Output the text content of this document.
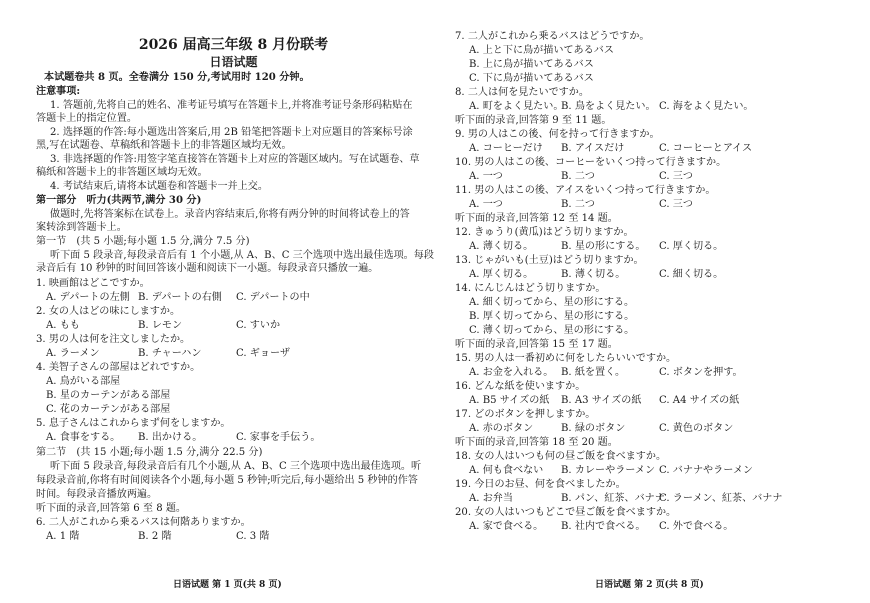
2026 届高三年级 8 月份联考
日语试题
本试题卷共 8 页。全卷满分 150 分,考试用时 120 分钟。
注意事项:
1. 答题前,先将自己的姓名、准考证号填写在答题卡上,并将准考证号条形码粘贴在
答题卡上的指定位置。
2. 选择题的作答:每小题选出答案后,用 2B 铅笔把答题卡上对应题目的答案标号涂
黑,写在试题卷、草稿纸和答题卡上的非答题区域均无效。
3. 非选择题的作答:用签字笔直接答在答题卡上对应的答题区域内。写在试题卷、草
稿纸和答题卡上的非答题区域均无效。
4. 考试结束后,请将本试题卷和答题卡一并上交。
第一部分　听力(共两节,满分 30 分)
做题时,先将答案标在试卷上。录音内容结束后,你将有两分钟的时间将试卷上的答
案转涂到答题卡上。
第一节　(共 5 小题;每小题 1.5 分,满分 7.5 分)
听下面 5 段录音,每段录音后有 1 个小题,从 A、B、C 三个选项中选出最佳选项。每段
录音后有 10 秒钟的时间回答该小题和阅读下一小题。每段录音只播放一遍。
1. 映画館はどこですか。
A. デパートの左側 B. デパートの右側 C. デパートの中
2. 女の人はどの味にしますか。
A. もも	B. レモン	C. すいか
3. 男の人は何を注文しましたか。
A. ラーメン	B. チャーハン	C. ギョーザ
4. 美智子さんの部屋はどれですか。
A. 鳥がいる部屋
B. 星のカーテンがある部屋
C. 花のカーテンがある部屋
5. 息子さんはこれからまず何をしますか。
A. 食事をする。 B. 出かける。	C. 家事を手伝う。
第二节　(共 15 小题;每小题 1.5 分,满分 22.5 分)
听下面 5 段录音,每段录音后有几个小题,从 A、B、C 三个选项中选出最佳选项。听
每段录音前,你将有时间阅读各个小题,每小题 5 秒钟;听完后,每小题给出 5 秒钟的作答
时间。每段录音播放两遍。
听下面的录音,回答第 6 至 8 题。
6. 二人がこれから乗るバスは何階ありますか。
A. 1 階	B. 2 階	C. 3 階
日语试题 第 1 页(共 8 页)
7. 二人がこれから乗るバスはどうですか。
A. 上と下に鳥が描いてあるバス
B. 上に鳥が描いてあるバス
C. 下に鳥が描いてあるバス
8. 二人は何を見たいですか。
A. 町をよく見たい。
B. 鳥をよく見たい。 C. 海をよく見たい。
听下面的录音,回答第 9 至 11 题。
9. 男の人はこの後、何を持って行きますか。
A. コーヒーだけ B. アイスだけ	C. コーヒーとアイス
10. 男の人はこの後、コーヒーをいくつ持って行きますか。
A. 一つ	B. 二つ	C. 三つ
11. 男の人はこの後、アイスをいくつ持って行きますか。
A. 一つ	B. 二つ	C. 三つ
听下面的录音,回答第 12 至 14 题。
12. きゅうり(黄瓜)はどう切りますか。
A. 薄く切る。	B. 星の形にする。 C. 厚く切る。
13. じゃがいも(土豆)はどう切りますか。
A. 厚く切る。	B. 薄く切る。	C. 細く切る。
14. にんじんはどう切りますか。
A. 細く切ってから、星の形にする。
B. 厚く切ってから、星の形にする。
C. 薄く切ってから、星の形にする。
听下面的录音,回答第 15 至 17 题。
15. 男の人は一番初めに何をしたらいいですか。
A. お金を入れる。 B. 紙を置く。	C. ボタンを押す。
16. どんな紙を使いますか。
A. B5 サイズの紙 B. A3 サイズの紙 C. A4 サイズの紙
17. どのボタンを押しますか。
A. 赤のボタン	B. 緑のボタン	C. 黄色のボタン
听下面的录音,回答第 18 至 20 题。
18. 女の人はいつも何の昼ご飯を食べますか。
A. 何も食べない B. カレーやラーメン C. バナナやラーメン
19. 今日のお昼、何を食べましたか。
A. お弁当	B. パン、紅茶、バナナ
C. ラーメン、紅茶、バナナ
20. 女の人はいつもどこで昼ご飯を食べますか。
A. 家で食べる。 B. 社内で食べる。 C. 外で食べる。
日语试题 第 2 页(共 8 页)
